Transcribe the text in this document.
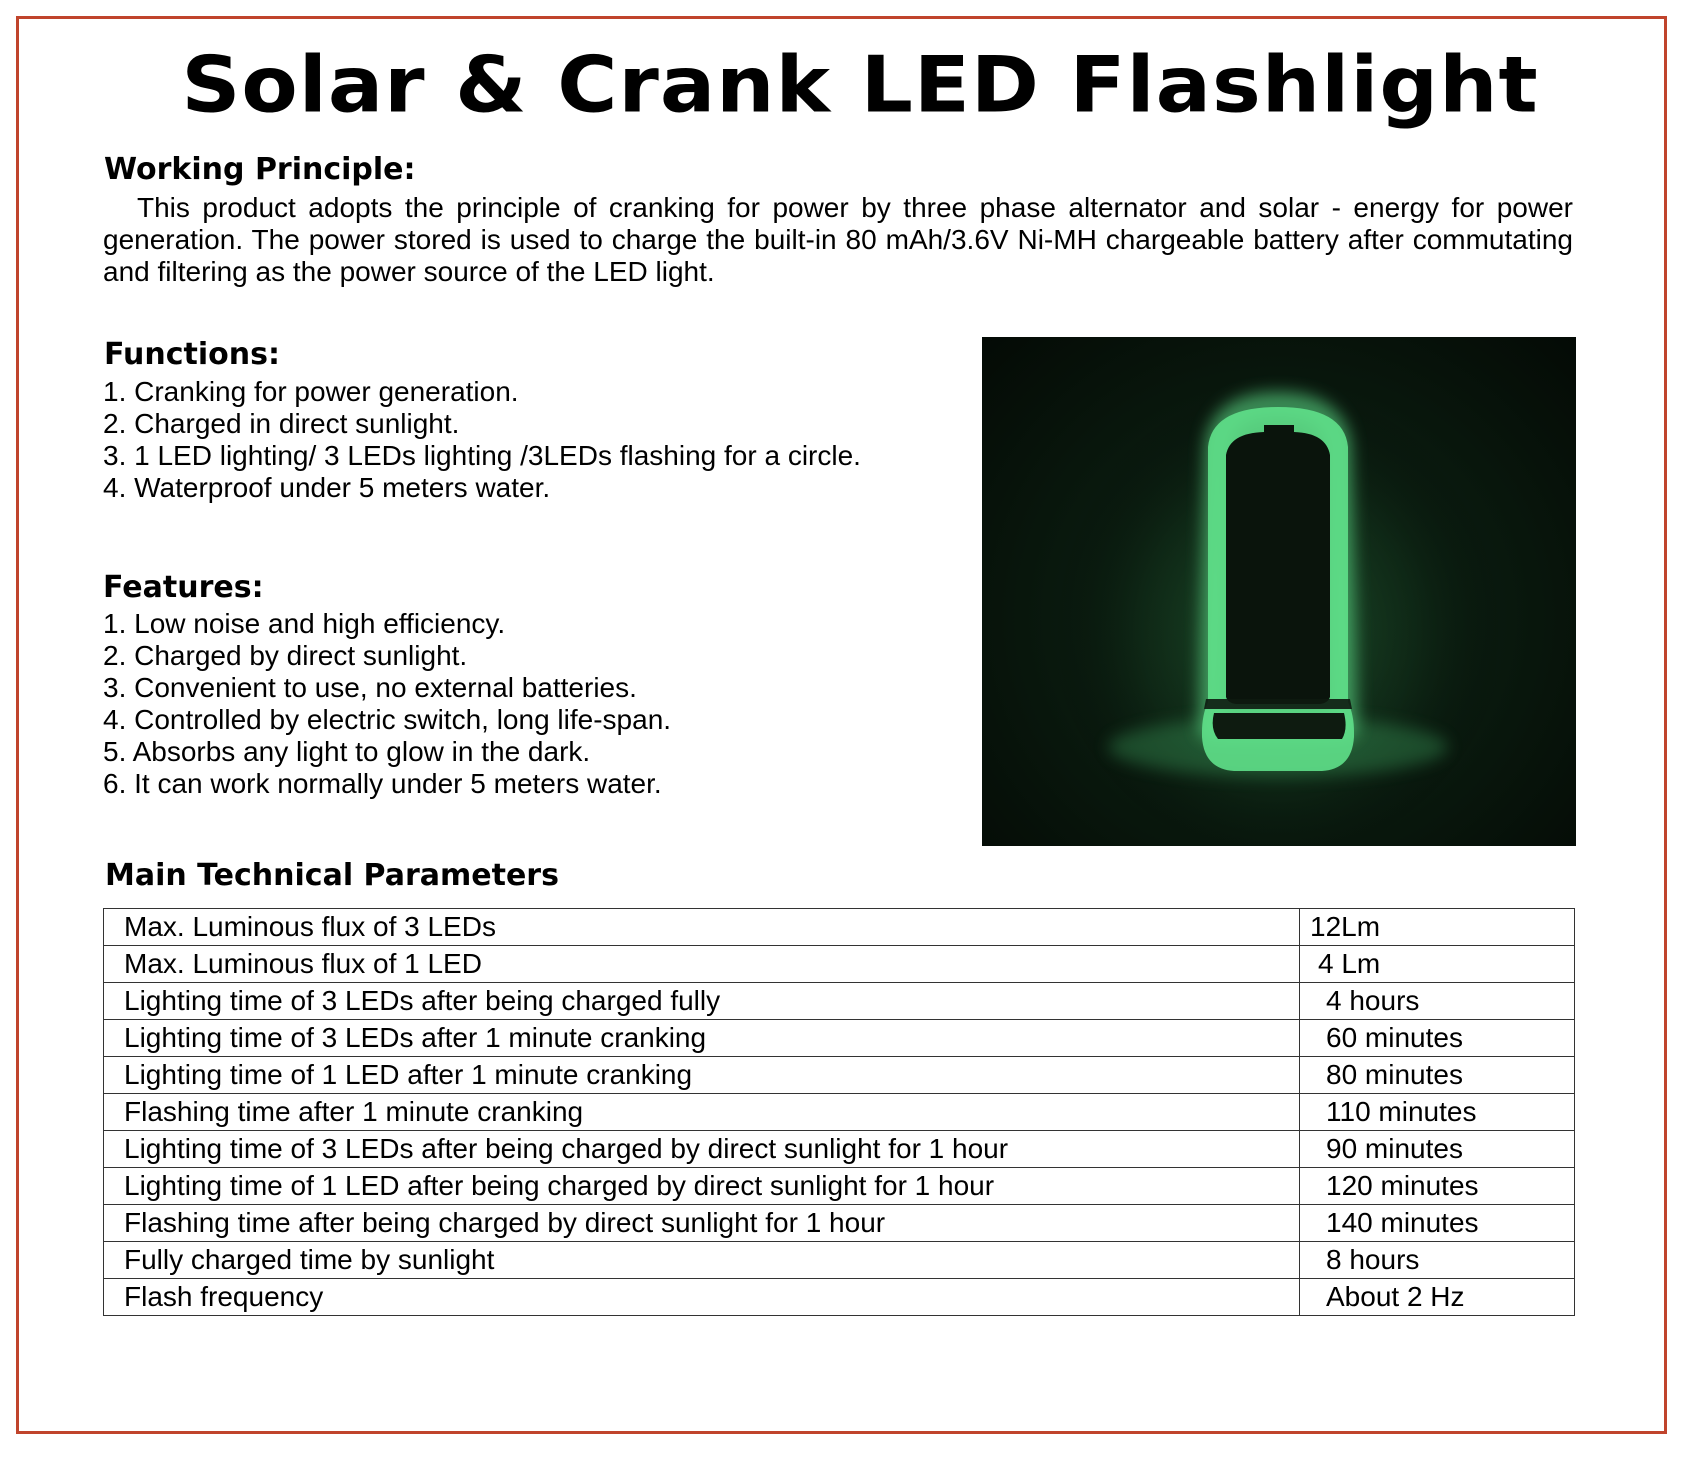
Solar & Crank LED Flashlight
Working Principle:

This product adopts the principle of cranking for power by three phase alternator and solar - energy for power generation. The power stored is used to charge the built-in 80 mAh/3.6V Ni-MH chargeable battery after commutating and filtering as the power source of the LED light.

Functions:
1. Cranking for power generation.
2. Charged in direct sunlight.
3. 1 LED lighting/ 3 LEDs lighting /3LEDs flashing for a circle.
4. Waterproof under 5 meters water.
Features:
1. Low noise and high efficiency.
2. Charged by direct sunlight.
3. Convenient to use, no external batteries.
4. Controlled by electric switch, long life-span.
5. Absorbs any light to glow in the dark.
6. It can work normally under 5 meters water.
Main Technical Parameters
Max. Luminous flux of 3 LEDs	12Lm
Max. Luminous flux of 1 LED	4 Lm
Lighting time of 3 LEDs after being charged fully	4 hours
Lighting time of 3 LEDs after 1 minute cranking	60 minutes
Lighting time of 1 LED after 1 minute cranking	80 minutes
Flashing time after 1 minute cranking	110 minutes
Lighting time of 3 LEDs after being charged by direct sunlight for 1 hour	90 minutes
Lighting time of 1 LED after being charged by direct sunlight for 1 hour	120 minutes
Flashing time after being charged by direct sunlight for 1 hour	140 minutes
Fully charged time by sunlight	8 hours
Flash frequency	About 2 Hz
